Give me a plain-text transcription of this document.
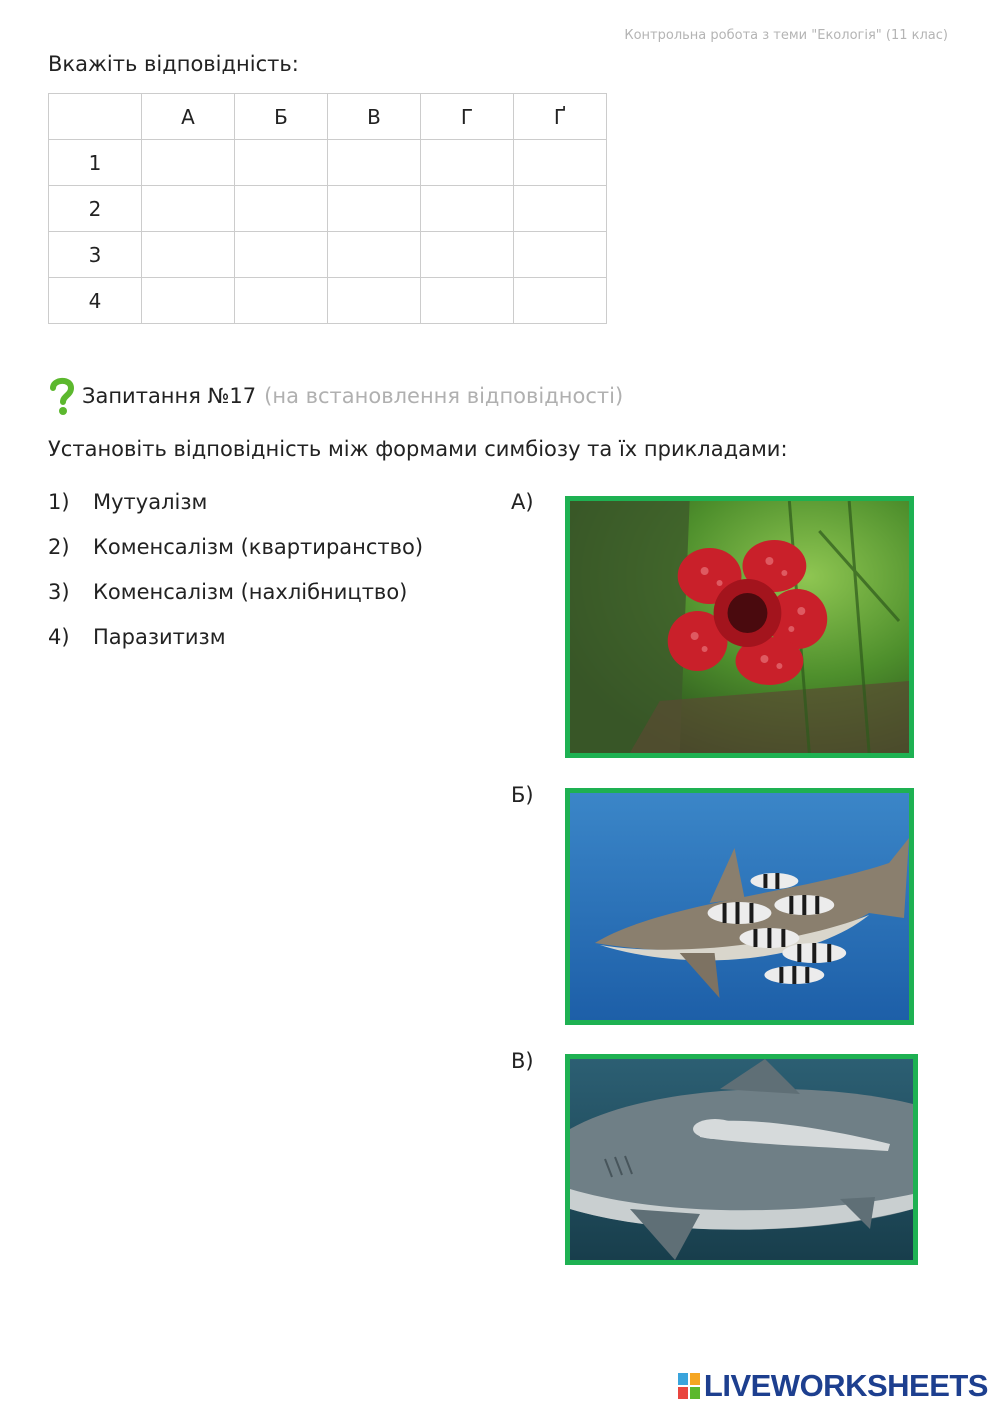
Контрольна робота з теми "Екологія" (11 клас)
Вкажіть відповідність:
	А	Б	В	Г	Ґ
1					
2					
3					
4					
Запитання №17 (на встановлення відповідності)
Установіть відповідність між формами симбіозу та їх прикладами:
1)	Мутуалізм
2)	Коменсалізм (квартиранство)
3)	Коменсалізм (нахлібництво)
4)	Паразитизм
А)
Б)
В)
LIVEWORKSHEETS
